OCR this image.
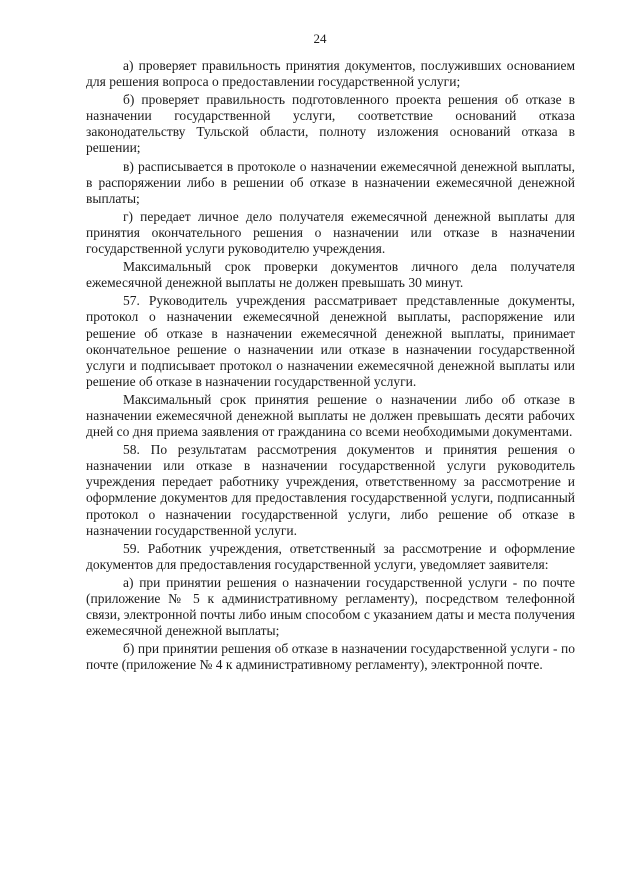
24

а) проверяет правильность принятия документов, послуживших основанием для решения вопроса о предоставлении государственной услуги;

б) проверяет правильность подготовленного проекта решения об отказе в назначении государственной услуги, соответствие оснований отказа законодательству Тульской области, полноту изложения оснований отказа в решении;

в) расписывается в протоколе о назначении ежемесячной денежной выплаты, в распоряжении либо в решении об отказе в назначении ежемесячной денежной выплаты;

г) передает личное дело получателя ежемесячной денежной выплаты для принятия окончательного решения о назначении или отказе в назначении государственной услуги руководителю учреждения.

Максимальный срок проверки документов личного дела получателя ежемесячной денежной выплаты не должен превышать 30 минут.

57. Руководитель учреждения рассматривает представленные документы, протокол о назначении ежемесячной денежной выплаты, распоряжение или решение об отказе в назначении ежемесячной денежной выплаты, принимает окончательное решение о назначении или отказе в назначении государственной услуги и подписывает протокол о назначении ежемесячной денежной выплаты или решение об отказе в назначении государственной услуги.

Максимальный срок принятия решение о назначении либо об отказе в назначении ежемесячной денежной выплаты не должен превышать десяти рабочих дней со дня приема заявления от гражданина со всеми необходимыми документами.

58. По результатам рассмотрения документов и принятия решения о назначении или отказе в назначении государственной услуги руководитель учреждения передает работнику учреждения, ответственному за рассмотрение и оформление документов для предоставления государственной услуги, подписанный протокол о назначении государственной услуги, либо решение об отказе в назначении государственной услуги.

59. Работник учреждения, ответственный за рассмотрение и оформление документов для предоставления государственной услуги, уведомляет заявителя:

а) при принятии решения о назначении государственной услуги - по почте (приложение № 5 к административному регламенту), посредством телефонной связи, электронной почты либо иным способом с указанием даты и места получения ежемесячной денежной выплаты;

б) при принятии решения об отказе в назначении государственной услуги - по почте (приложение № 4 к административному регламенту), электронной почте.
